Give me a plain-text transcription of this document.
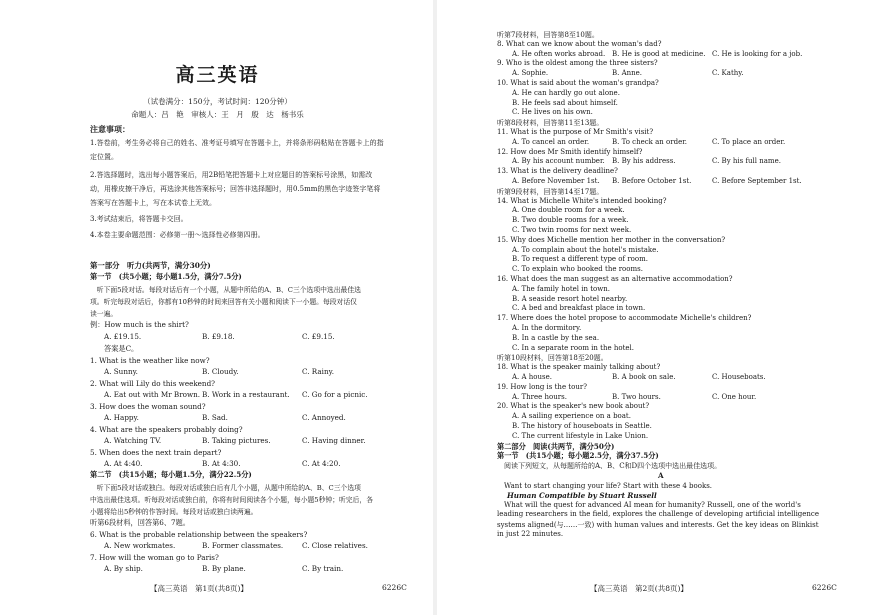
高三英语
（试卷满分：150分，考试时间：120分钟）
命题人：吕　艳　审核人：王　月　殷　达　杨书乐
注意事项：
1.答卷前，考生务必将自己的姓名、准考证号填写在答题卡上，并将条形码粘贴在答题卡上的指
定位置。
2.答选择题时，选出每小题答案后，用2B铅笔把答题卡上对应题目的答案标号涂黑，如需改
动，用橡皮擦干净后，再选涂其他答案标号；回答非选择题时，用0.5mm的黑色字迹签字笔将
答案写在答题卡上，写在本试卷上无效。
3.考试结束后，将答题卡交回。
4.本卷主要命题范围：必修第一册～选择性必修第四册。
第一部分　听力(共两节，满分30分)
第一节　(共5小题；每小题1.5分，满分7.5分)
　听下面5段对话。每段对话后有一个小题，从题中所给的A、B、C三个选项中选出最佳选
项。听完每段对话后，你都有10秒钟的时间来回答有关小题和阅读下一小题。每段对话仅
读一遍。
例：How much is the shirt?
A. £19.15.	B. £9.18.	C. £9.15.
答案是C。
1. What is the weather like now?
A. Sunny.	B. Cloudy.	C. Rainy.
2. What will Lily do this weekend?
A. Eat out with Mr Brown. B. Work in a restaurant. C. Go for a picnic.
3. How does the woman sound?
A. Happy.	B. Sad.	C. Annoyed.
4. What are the speakers probably doing?
A. Watching TV.	B. Taking pictures.	C. Having dinner.
5. When does the next train depart?
A. At 4:40.	B. At 4:30.	C. At 4:20.
第二节　(共15小题；每小题1.5分，满分22.5分)
　听下面5段对话或独白。每段对话或独白后有几个小题，从题中所给的A、B、C三个选项
中选出最佳选项。听每段对话或独白前，你将有时间阅读各个小题，每小题5秒钟；听完后，各
小题将给出5秒钟的作答时间。每段对话或独白读两遍。
听第6段材料，回答第6、7题。
6. What is the probable relationship between the speakers?
A. New workmates.	B. Former classmates.	C. Close relatives.
7. How will the woman go to Paris?
A. By ship.	B. By plane.	C. By train.
【高三英语　第1页(共8页)】	6226C
听第7段材料，回答第8至10题。
8. What can we know about the woman's dad?
A. He often works abroad. B. He is good at medicine. C. He is looking for a job.
9. Who is the oldest among the three sisters?
A. Sophie.	B. Anne.	C. Kathy.
10. What is said about the woman's grandpa?
A. He can hardly go out alone.
B. He feels sad about himself.
C. He lives on his own.
听第8段材料，回答第11至13题。
11. What is the purpose of Mr Smith's visit?
A. To cancel an order.	B. To check an order.	C. To place an order.
12. How does Mr Smith identify himself?
A. By his account number. B. By his address.	C. By his full name.
13. What is the delivery deadline?
A. Before November 1st. B. Before October 1st.	C. Before September 1st.
听第9段材料，回答第14至17题。
14. What is Michelle White's intended booking?
A. One double room for a week.
B. Two double rooms for a week.
C. Two twin rooms for next week.
15. Why does Michelle mention her mother in the conversation?
A. To complain about the hotel's mistake.
B. To request a different type of room.
C. To explain who booked the rooms.
16. What does the man suggest as an alternative accommodation?
A. The family hotel in town.
B. A seaside resort hotel nearby.
C. A bed and breakfast place in town.
17. Where does the hotel propose to accommodate Michelle's children?
A. In the dormitory.
B. In a castle by the sea.
C. In a separate room in the hotel.
听第10段材料，回答第18至20题。
18. What is the speaker mainly talking about?
A. A house.	B. A book on sale.	C. Houseboats.
19. How long is the tour?
A. Three hours.	B. Two hours.	C. One hour.
20. What is the speaker's new book about?
A. A sailing experience on a boat.
B. The history of houseboats in Seattle.
C. The current lifestyle in Lake Union.
第二部分　阅读(共两节，满分50分)
第一节　(共15小题；每小题2.5分，满分37.5分)
　阅读下列短文，从每题所给的A、B、C和D四个选项中选出最佳选项。
A
　Want to start changing your life? Start with these 4 books.
Human Compatible by Stuart Russell
　What will the quest for advanced AI mean for humanity? Russell, one of the world's
leading researchers in the field, explores the challenge of developing artificial intelligence
systems aligned(与……一致) with human values and interests. Get the key ideas on Blinkist
in just 22 minutes.
【高三英语　第2页(共8页)】	6226C
